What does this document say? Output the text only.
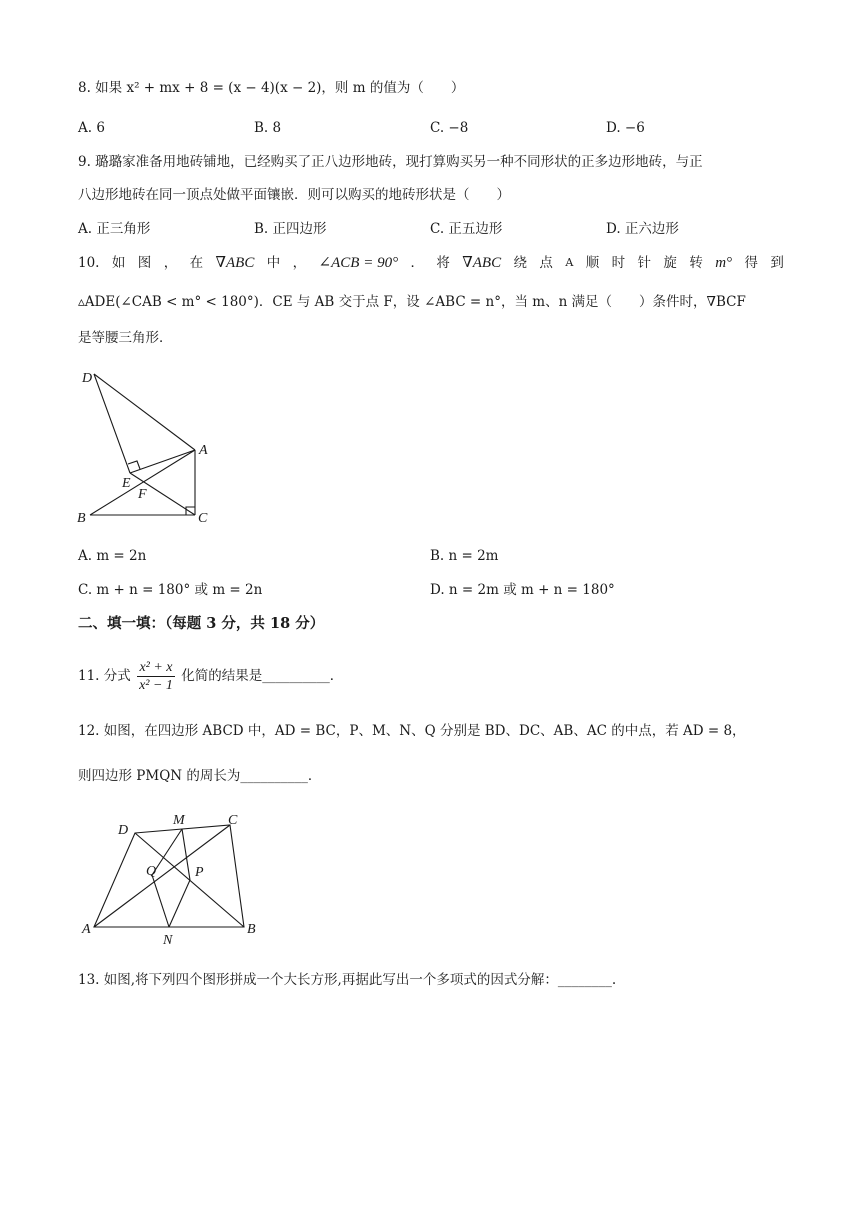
8. 如果 x² + mx + 8 = (x − 4)(x − 2)，则 m 的值为（　　）
A. 6	B. 8	C. −8	D. −6
9. 璐璐家准备用地砖铺地，已经购买了正八边形地砖，现打算购买另一种不同形状的正多边形地砖，与正
八边形地砖在同一顶点处做平面镶嵌．则可以购买的地砖形状是（　　）
A. 正三角形	B. 正四边形	C. 正五边形	D. 正六边形
10. 如 图 ， 在 ∇ABC 中 ， ∠ACB = 90° ． 将 ∇ABC 绕 点 A 顺 时 针 旋 转 m° 得 到
▵ADE(∠CAB < m° < 180°)．CE 与 AB 交于点 F，设 ∠ABC = n°，当 m、n 满足（　　）条件时，∇BCF
是等腰三角形．
D
A
E
F
B	C
A. m = 2n	B. n = 2m
C. m + n = 180° 或 m = 2n	D. n = 2m 或 m + n = 180°
二、填一填：（每题 3 分，共 18 分）
11. 分式 $\frac{\text{x² + x}}{\text{x² − 1}}$ 化简的结果是__________．
12. 如图，在四边形 ABCD 中，AD = BC，P、M、N、Q 分别是 BD、DC、AB、AC 的中点，若 AD = 8，
则四边形 PMQN 的周长为__________．
D
M	C
Q	P
A
N
B
13. 如图,将下列四个图形拼成一个大长方形,再据此写出一个多项式的因式分解：________.
